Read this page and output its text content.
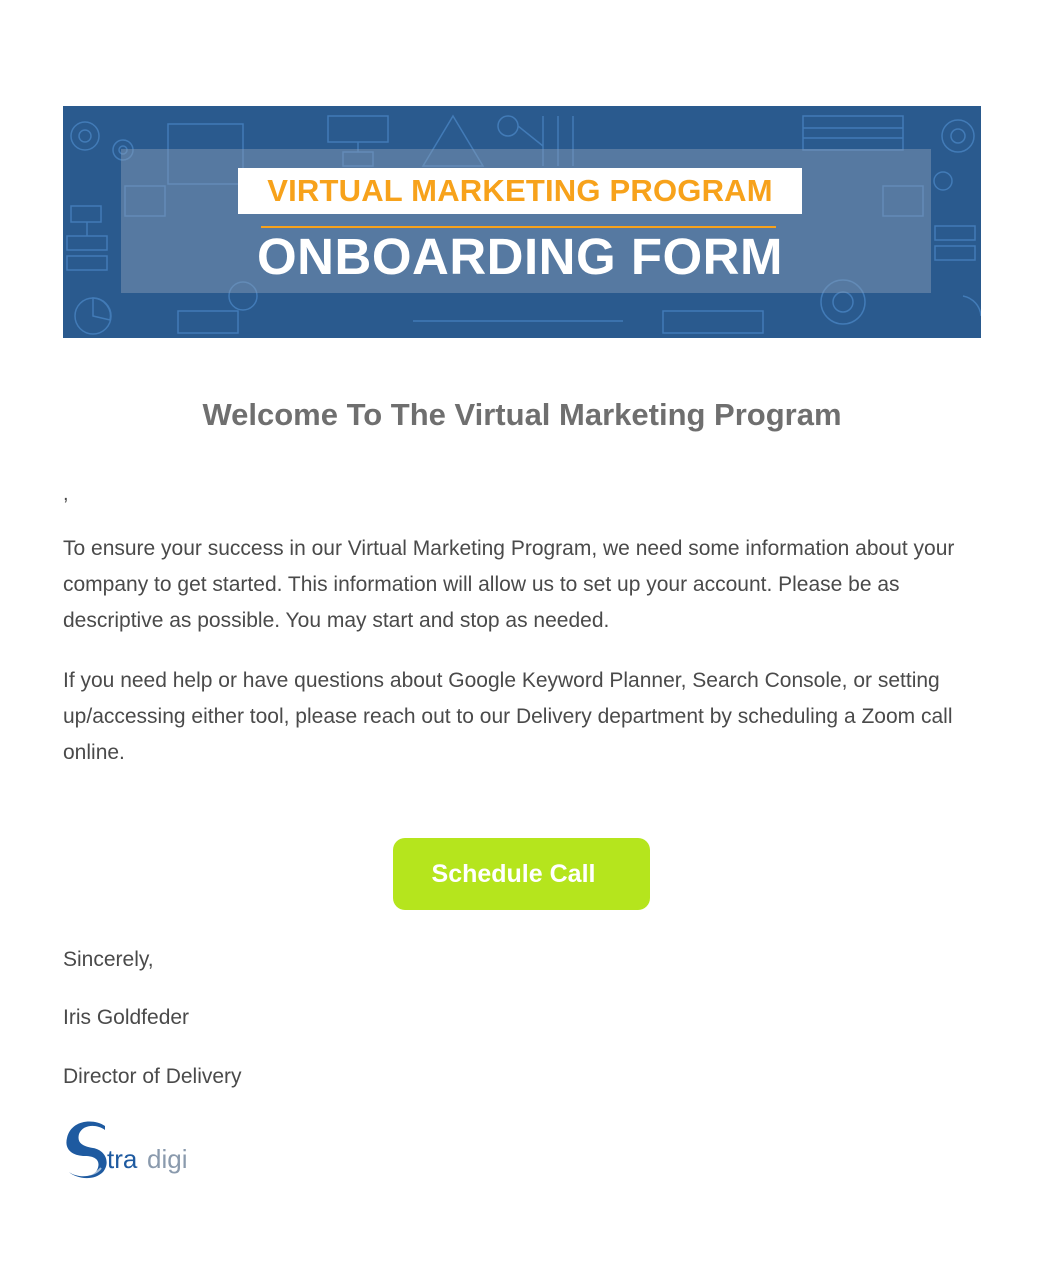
VIRTUAL MARKETING PROGRAM
ONBOARDING FORM
Welcome To The Virtual Marketing Program

,

To ensure your success in our Virtual Marketing Program, we need some information about your company to get started. This information will allow us to set up your account. Please be as descriptive as possible. You may start and stop as needed.

If you need help or have questions about Google Keyword Planner, Search Console, or setting up/accessing either tool, please reach out to our Delivery department by scheduling a Zoom call online.

Schedule Call

Sincerely,

Iris Goldfeder

Director of Delivery

tra digi
